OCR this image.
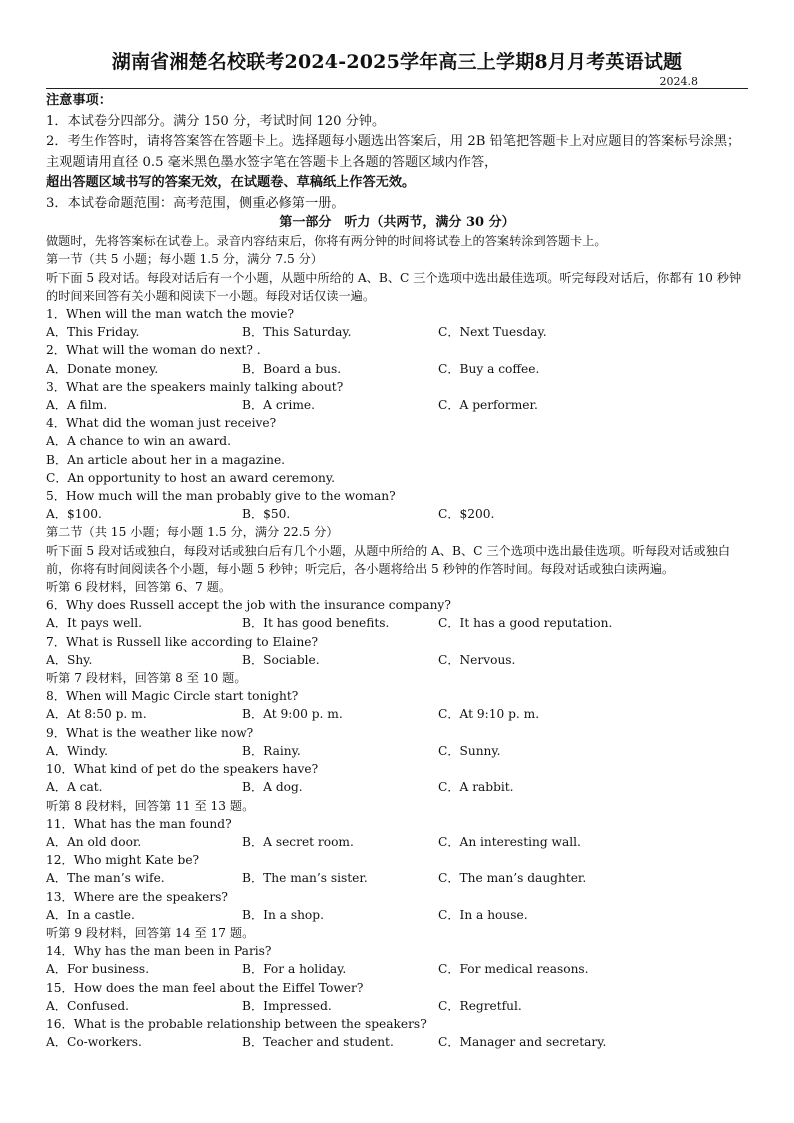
湖南省湘楚名校联考2024-2025学年高三上学期8月月考英语试题
2024.8
注意事项：
1．本试卷分四部分。满分 150 分，考试时间 120 分钟。
2．考生作答时，请将答案答在答题卡上。选择题每小题选出答案后，用 2B 铅笔把答题卡上对应题目的答案标号涂黑；主观题请用直径 0.5 毫米黑色墨水签字笔在答题卡上各题的答题区域内作答，
超出答题区域书写的答案无效，在试题卷、草稿纸上作答无效。
3．本试卷命题范围：高考范围，侧重必修第一册。
第一部分　听力（共两节，满分 30 分）
做题时，先将答案标在试卷上。录音内容结束后，你将有两分钟的时间将试卷上的答案转涂到答题卡上。
第一节（共 5 小题；每小题 1.5 分，满分 7.5 分）
听下面 5 段对话。每段对话后有一个小题，从题中所给的 A、B、C 三个选项中选出最佳选项。听完每段对话后，你都有 10 秒钟的时间来回答有关小题和阅读下一小题。每段对话仅读一遍。
1．When will the man watch the movie?
A．This Friday.	B．This Saturday.	C．Next Tuesday.
2．What will the woman do next? .
A．Donate money.	B．Board a bus.	C．Buy a coffee.
3．What are the speakers mainly talking about?
A．A film.	B．A crime.	C．A performer.
4．What did the woman just receive?
A．A chance to win an award.
B．An article about her in a magazine.
C．An opportunity to host an award ceremony.
5．How much will the man probably give to the woman?
A．$100.	B．$50.	C．$200.
第二节（共 15 小题；每小题 1.5 分，满分 22.5 分）
听下面 5 段对话或独白，每段对话或独白后有几个小题，从题中所给的 A、B、C 三个选项中选出最佳选项。听每段对话或独白前，你将有时间阅读各个小题，每小题 5 秒钟；听完后，各小题将给出 5 秒钟的作答时间。每段对话或独白读两遍。
听第 6 段材料，回答第 6、7 题。
6．Why does Russell accept the job with the insurance company?
A．It pays well.	B．It has good benefits.	C．It has a good reputation.
7．What is Russell like according to Elaine?
A．Shy.	B．Sociable.	C．Nervous.
听第 7 段材料，回答第 8 至 10 题。
8．When will Magic Circle start tonight?
A．At 8:50 p. m.	B．At 9:00 p. m.	C．At 9:10 p. m.
9．What is the weather like now?
A．Windy.	B．Rainy.	C．Sunny.
10．What kind of pet do the speakers have?
A．A cat.	B．A dog.	C．A rabbit.
听第 8 段材料，回答第 11 至 13 题。
11．What has the man found?
A．An old door.	B．A secret room.	C．An interesting wall.
12．Who might Kate be?
A．The man’s wife.	B．The man’s sister.	C．The man’s daughter.
13．Where are the speakers?
A．In a castle.	B．In a shop.	C．In a house.
听第 9 段材料，回答第 14 至 17 题。
14．Why has the man been in Paris?
A．For business.	B．For a holiday.	C．For medical reasons.
15．How does the man feel about the Eiffel Tower?
A．Confused.	B．Impressed.	C．Regretful.
16．What is the probable relationship between the speakers?
A．Co-workers.	B．Teacher and student.	C．Manager and secretary.
